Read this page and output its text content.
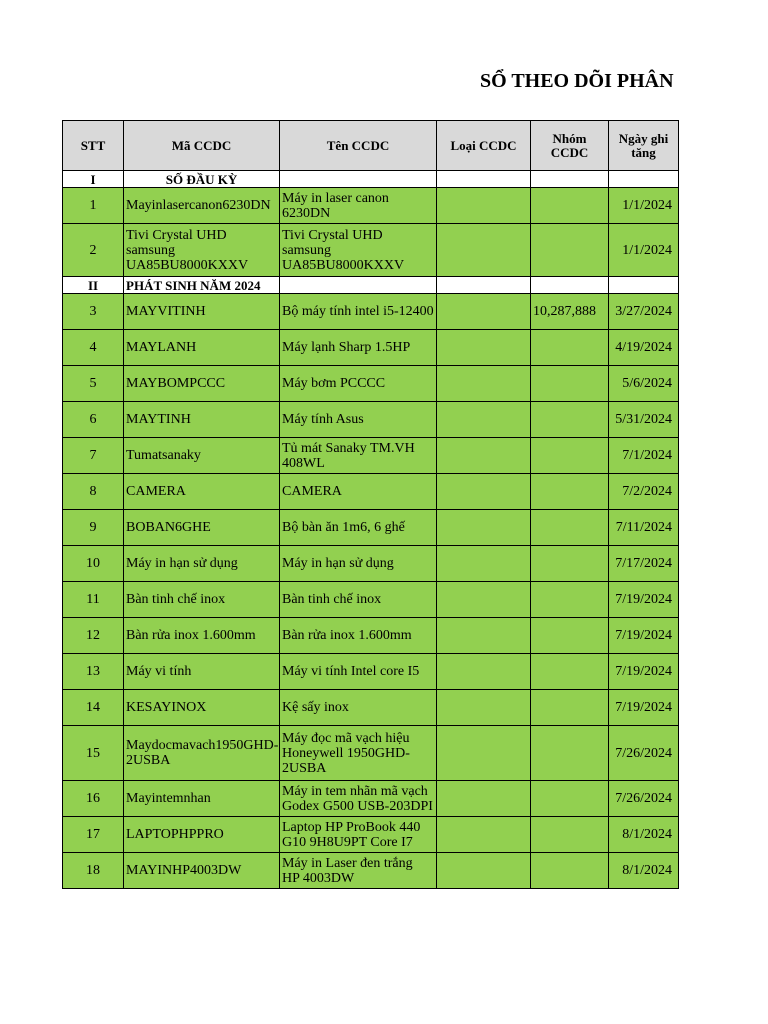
SỔ THEO DÕI PHÂN
STT	Mã CCDC	Tên CCDC	Loại CCDC	Nhóm CCDC	Ngày ghi tăng
I	SỐ ĐẦU KỲ				
1	Mayinlasercanon6230DN	Máy in laser canon 6230DN			1/1/2024
2	Tivi Crystal UHD samsung UA85BU8000KXXV	Tivi Crystal UHD samsung UA85BU8000KXXV			1/1/2024
II	PHÁT SINH NĂM 2024				
3	MAYVITINH	Bộ máy tính intel i5-12400		10,287,888	3/27/2024
4	MAYLANH	Máy lạnh Sharp 1.5HP			4/19/2024
5	MAYBOMPCCC	Máy bơm PCCCC			5/6/2024
6	MAYTINH	Máy tính Asus			5/31/2024
7	Tumatsanaky	Tủ mát Sanaky TM.VH 408WL			7/1/2024
8	CAMERA	CAMERA			7/2/2024
9	BOBAN6GHE	Bộ bàn ăn 1m6, 6 ghế			7/11/2024
10	Máy in hạn sử dụng	Máy in hạn sử dụng			7/17/2024
11	Bàn tinh chế inox	Bàn tinh chế inox			7/19/2024
12	Bàn rửa inox 1.600mm	Bàn rửa inox 1.600mm			7/19/2024
13	Máy vi tính	Máy vi tính Intel core I5			7/19/2024
14	KESAYINOX	Kệ sấy inox			7/19/2024
15	Maydocmavach1950GHD-2USBA	Máy đọc mã vạch hiệu Honeywell 1950GHD-2USBA			7/26/2024
16	Mayintemnhan	Máy in tem nhãn mã vạch Godex G500 USB-203DPI			7/26/2024
17	LAPTOPHPPRO	Laptop HP ProBook 440 G10 9H8U9PT Core I7			8/1/2024
18	MAYINHP4003DW	Máy in Laser đen trắng HP 4003DW			8/1/2024
